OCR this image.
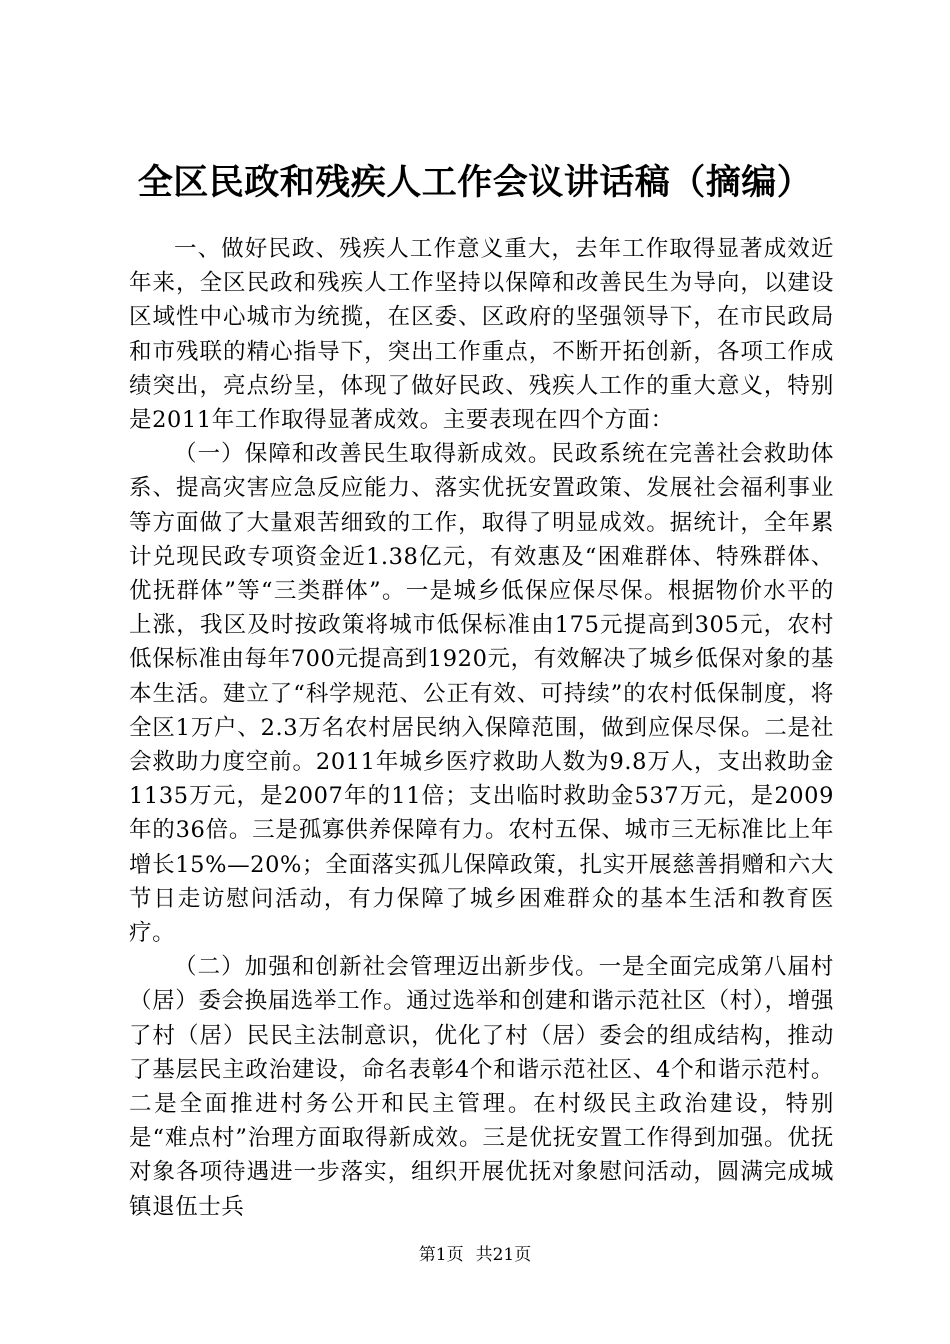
全区民政和残疾人工作会议讲话稿（摘编）

一、做好民政、残疾人工作意义重大，去年工作取得显著成效近年来，全区民政和残疾人工作坚持以保障和改善民生为导向，以建设区域性中心城市为统揽，在区委、区政府的坚强领导下，在市民政局和市残联的精心指导下，突出工作重点，不断开拓创新，各项工作成绩突出，亮点纷呈，体现了做好民政、残疾人工作的重大意义，特别是2011年工作取得显著成效。主要表现在四个方面：

（一）保障和改善民生取得新成效。民政系统在完善社会救助体系、提高灾害应急反应能力、落实优抚安置政策、发展社会福利事业等方面做了大量艰苦细致的工作，取得了明显成效。据统计，全年累计兑现民政专项资金近1.38亿元，有效惠及“困难群体、特殊群体、优抚群体”等“三类群体”。一是城乡低保应保尽保。根据物价水平的上涨，我区及时按政策将城市低保标准由175元提高到305元，农村低保标准由每年700元提高到1920元，有效解决了城乡低保对象的基本生活。建立了“科学规范、公正有效、可持续”的农村低保制度，将全区1万户、2.3万名农村居民纳入保障范围，做到应保尽保。二是社会救助力度空前。2011年城乡医疗救助人数为9.8万人，支出救助金1135万元，是2007年的11倍；支出临时救助金537万元，是2009年的36倍。三是孤寡供养保障有力。农村五保、城市三无标准比上年增长15%—20%；全面落实孤儿保障政策，扎实开展慈善捐赠和六大节日走访慰问活动，有力保障了城乡困难群众的基本生活和教育医疗。

（二）加强和创新社会管理迈出新步伐。一是全面完成第八届村（居）委会换届选举工作。通过选举和创建和谐示范社区（村），增强了村（居）民民主法制意识，优化了村（居）委会的组成结构，推动了基层民主政治建设，命名表彰4个和谐示范社区、4个和谐示范村。二是全面推进村务公开和民主管理。在村级民主政治建设，特别是“难点村”治理方面取得新成效。三是优抚安置工作得到加强。优抚对象各项待遇进一步落实，组织开展优抚对象慰问活动，圆满完成城镇退伍士兵

第1页 共21页
